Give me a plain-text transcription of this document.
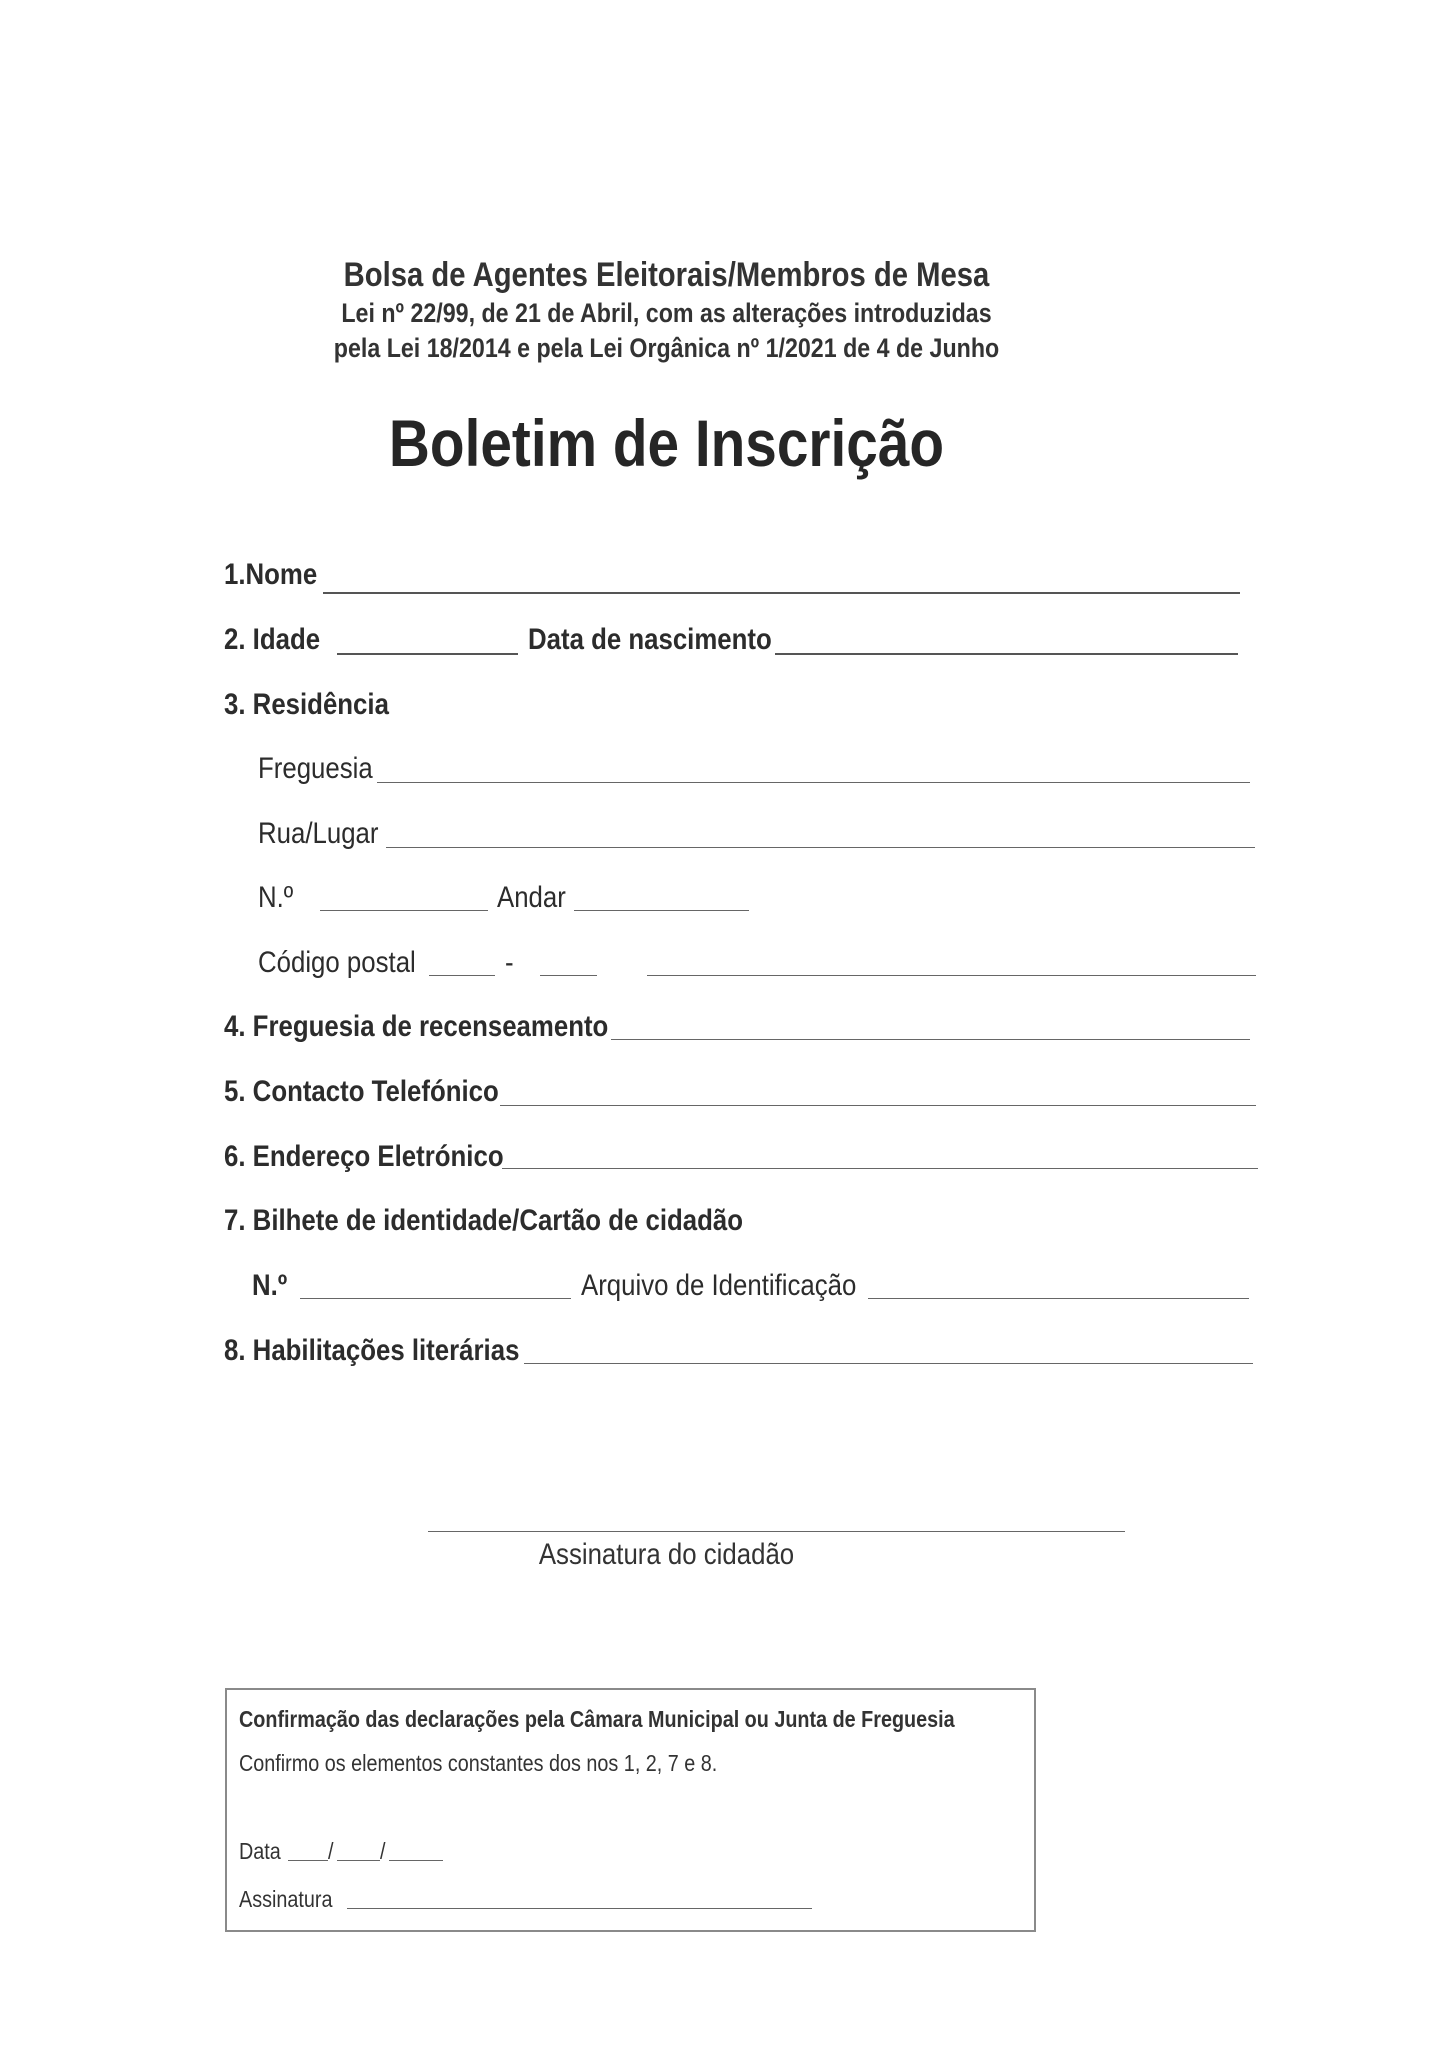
Bolsa de Agentes Eleitorais/Membros de Mesa
Lei nº 22/99, de 21 de Abril, com as alterações introduzidas
pela Lei 18/2014 e pela Lei Orgânica nº 1/2021 de 4 de Junho
Boletim de Inscrição
1.Nome
2. Idade	Data de nascimento
3. Residência
Freguesia
Rua/Lugar
N.º	Andar
Código postal	-
4. Freguesia de recenseamento
5. Contacto Telefónico
6. Endereço Eletrónico
7. Bilhete de identidade/Cartão de cidadão
N.º	Arquivo de Identificação
8. Habilitações literárias
Assinatura do cidadão
Confirmação das declarações pela Câmara Municipal ou Junta de Freguesia
Confirmo os elementos constantes dos nos 1, 2, 7 e 8.
Data / /
Assinatura
